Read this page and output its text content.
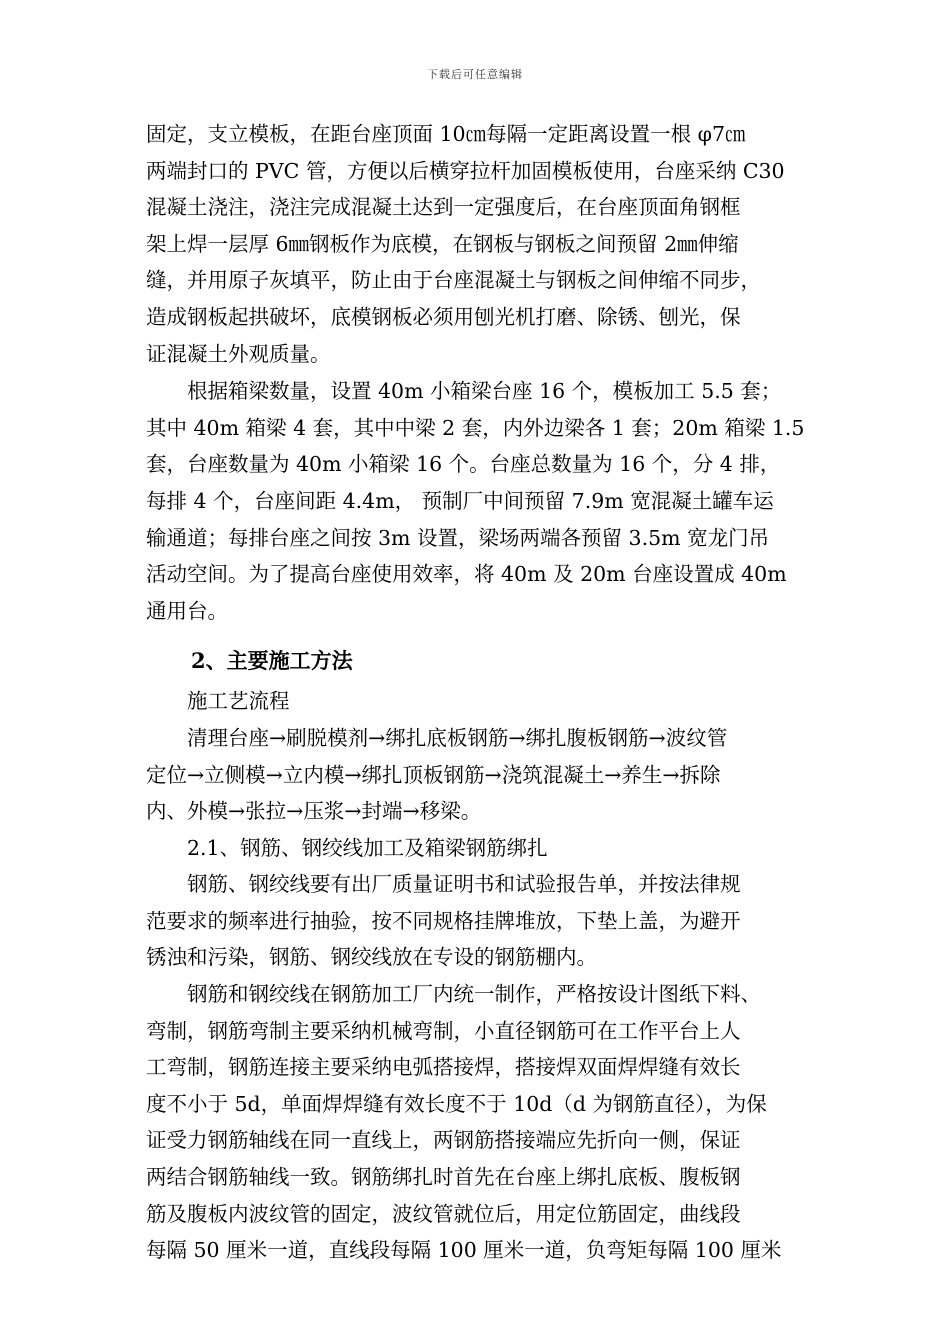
下载后可任意编辑

固定，支立模板，在距台座顶面 10㎝每隔一定距离设置一根 φ7㎝
两端封口的 PVC 管，方便以后横穿拉杆加固模板使用，台座采纳 C30
混凝土浇注，浇注完成混凝土达到一定强度后，在台座顶面角钢框
架上焊一层厚 6㎜钢板作为底模，在钢板与钢板之间预留 2㎜伸缩
缝，并用原子灰填平，防止由于台座混凝土与钢板之间伸缩不同步，
造成钢板起拱破坏，底模钢板必须用刨光机打磨、除锈、刨光，保
证混凝土外观质量。

根据箱梁数量，设置 40m 小箱梁台座 16 个，模板加工 5.5 套；
其中 40m 箱梁 4 套，其中中梁 2 套，内外边梁各 1 套；20m 箱梁 1.5
套，台座数量为 40m 小箱梁 16 个。台座总数量为 16 个，分 4 排，
每排 4 个，台座间距 4.4m， 预制厂中间预留 7.9m 宽混凝土罐车运
输通道；每排台座之间按 3m 设置，梁场两端各预留 3.5m 宽龙门吊
活动空间。为了提高台座使用效率，将 40m 及 20m 台座设置成 40m
通用台。

2、主要施工方法

施工艺流程

清理台座→刷脱模剂→绑扎底板钢筋→绑扎腹板钢筋→波纹管
定位→立侧模→立内模→绑扎顶板钢筋→浇筑混凝土→养生→拆除
内、外模→张拉→压浆→封端→移梁。

2.1、钢筋、钢绞线加工及箱梁钢筋绑扎

钢筋、钢绞线要有出厂质量证明书和试验报告单，并按法律规
范要求的频率进行抽验，按不同规格挂牌堆放，下垫上盖，为避开
锈浊和污染，钢筋、钢绞线放在专设的钢筋棚内。

钢筋和钢绞线在钢筋加工厂内统一制作，严格按设计图纸下料、
弯制，钢筋弯制主要采纳机械弯制，小直径钢筋可在工作平台上人
工弯制，钢筋连接主要采纳电弧搭接焊，搭接焊双面焊焊缝有效长
度不小于 5d，单面焊焊缝有效长度不于 10d（d 为钢筋直径），为保
证受力钢筋轴线在同一直线上，两钢筋搭接端应先折向一侧，保证
两结合钢筋轴线一致。钢筋绑扎时首先在台座上绑扎底板、腹板钢
筋及腹板内波纹管的固定，波纹管就位后，用定位筋固定，曲线段
每隔 50 厘米一道，直线段每隔 100 厘米一道，负弯矩每隔 100 厘米
